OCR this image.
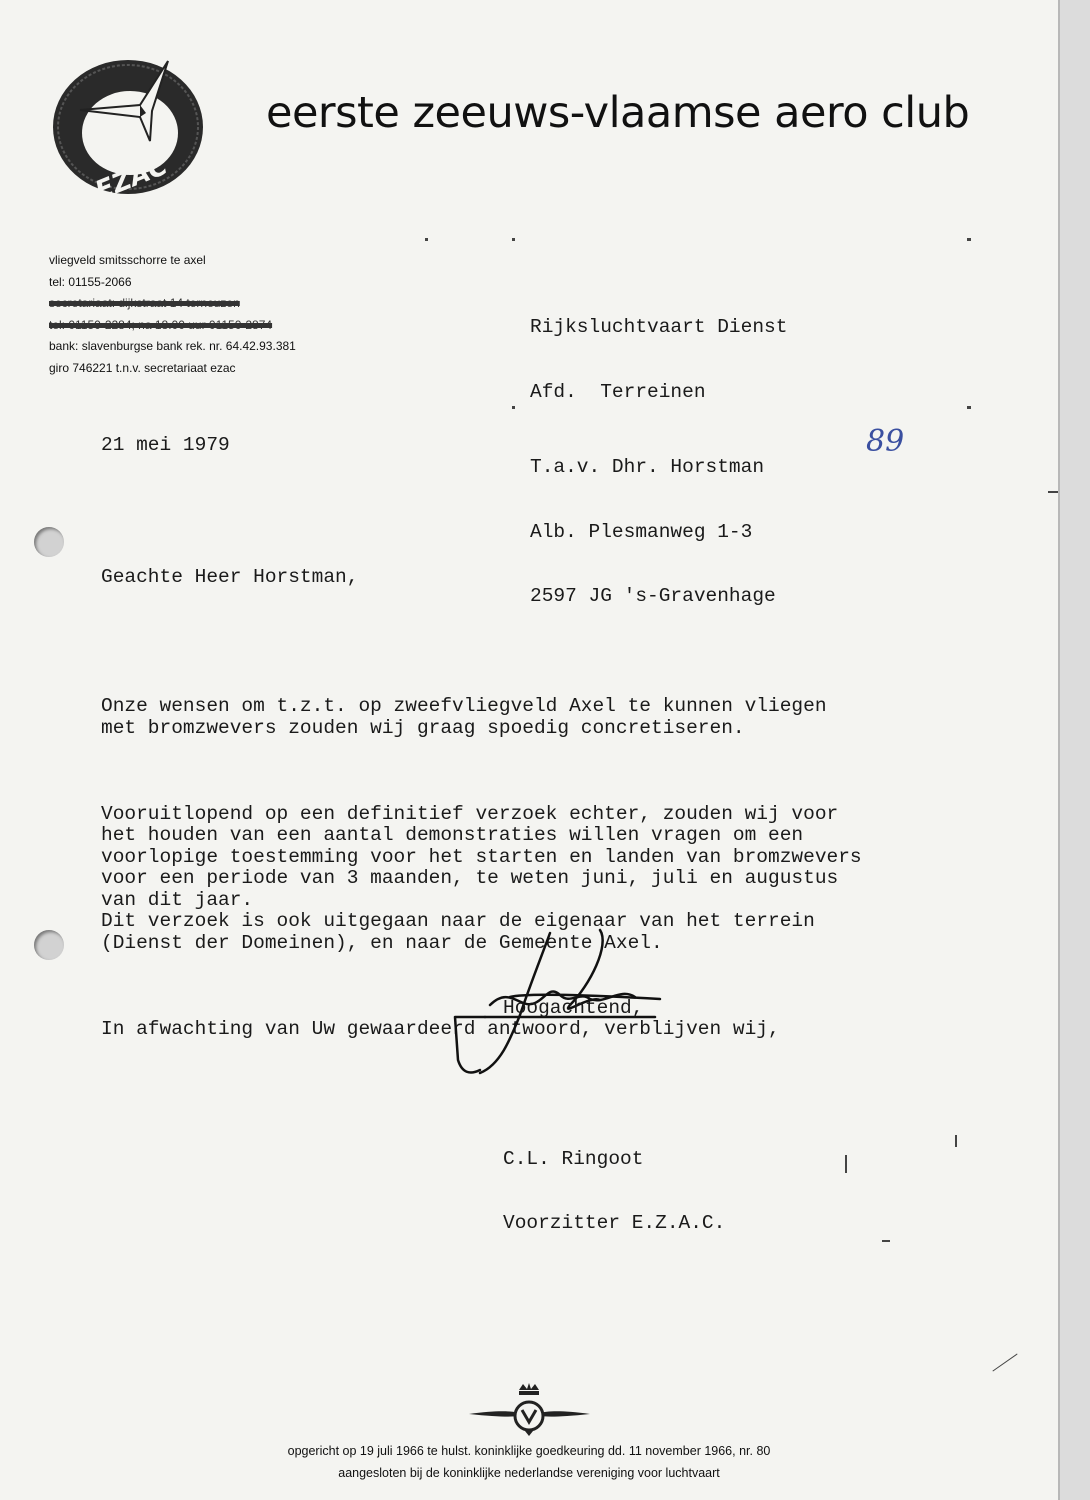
EZAC
eerste zeeuws-vlaamse aero club
vliegveld smitsschorre te axel
tel: 01155-2066
secretariaat: dijkstraat 14 terneuzen
tel: 01150-2284; na 18.00 uur 01150-2874
bank: slavenburgse bank rek. nr. 64.42.93.381
giro 746221 t.n.v. secretariaat ezac

Rijksluchtvaart Dienst

Afd.  Terreinen

T.a.v. Dhr. Horstman

Alb. Plesmanweg 1-3

2597 JG 's-Gravenhage

21 mei 1979	89
Geachte Heer Horstman,

Onze wensen om t.z.t. op zweefvliegveld Axel te kunnen vliegen
met bromzwevers zouden wij graag spoedig concretiseren.

Vooruitlopend op een definitief verzoek echter, zouden wij voor
het houden van een aantal demonstraties willen vragen om een
voorlopige toestemming voor het starten en landen van bromzwevers
voor een periode van 3 maanden, te weten juni, juli en augustus
van dit jaar.
Dit verzoek is ook uitgegaan naar de eigenaar van het terrein
(Dienst der Domeinen), en naar de Gemeente Axel.

In afwachting van Uw gewaardeerd antwoord, verblijven wij,

Hoogachtend,

C.L. Ringoot

Voorzitter E.Z.A.C.

opgericht op 19 juli 1966 te hulst. koninklijke goedkeuring dd. 11 november 1966, nr. 80
aangesloten bij de koninklijke nederlandse vereniging voor luchtvaart
